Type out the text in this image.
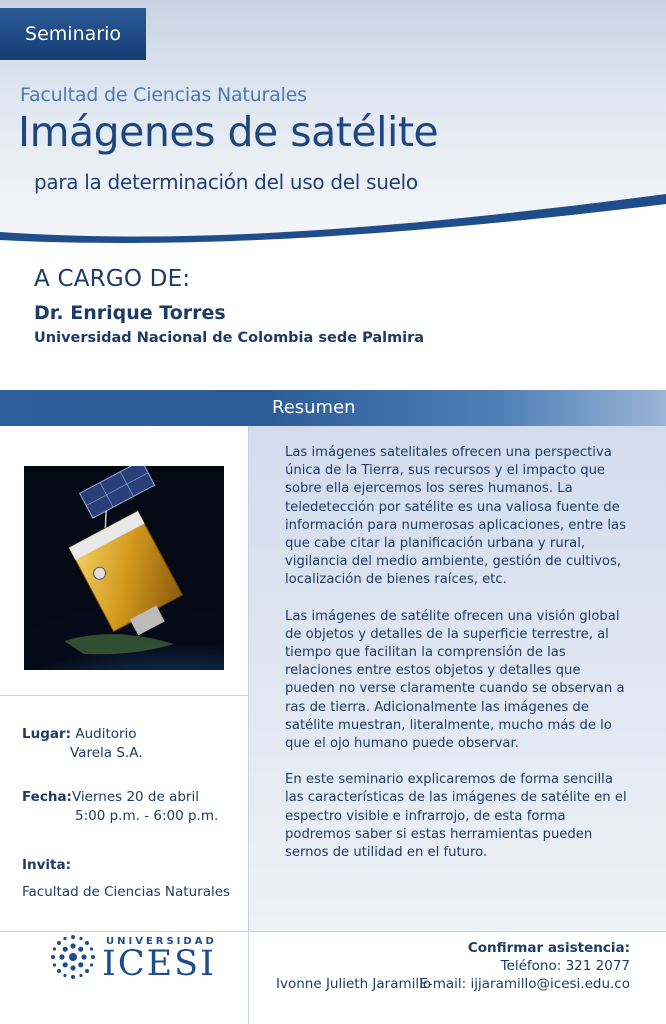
Seminario
Facultad de Ciencias Naturales
Imágenes de satélite
para la determinación del uso del suelo
A CARGO DE:
Dr. Enrique Torres
Universidad Nacional de Colombia sede Palmira
Resumen

Las imágenes satelitales ofrecen una perspectiva única de la Tierra, sus recursos y el impacto que sobre ella ejercemos los seres humanos. La teledetección por satélite es una valiosa fuente de información para numerosas aplicaciones, entre las que cabe citar la planificación urbana y rural, vigilancia del medio ambiente, gestión de cultivos, localización de bienes raíces, etc.

Las imágenes de satélite ofrecen una visión global de objetos y detalles de la superficie terrestre, al tiempo que facilitan la comprensión de las relaciones entre estos objetos y detalles que pueden no verse claramente cuando se observan a ras de tierra. Adicionalmente las imágenes de satélite muestran, literalmente, mucho más de lo que el ojo humano puede observar.

En este seminario explicaremos de forma sencilla las características de las imágenes de satélite en el espectro visible e infrarrojo, de esta forma podremos saber si estas herramientas pueden sernos de utilidad en el futuro.

Lugar: Auditorio
Varela S.A.
Fecha:Viernes 20 de abril
5:00 p.m. - 6:00 p.m.
Invita:
Facultad de Ciencias Naturales
UNIVERSIDAD
ICESI	Confirmar asistencia:
Teléfono: 321 2077
Ivonne Julieth Jaramillo
E-mail: ijjaramillo@icesi.edu.co
